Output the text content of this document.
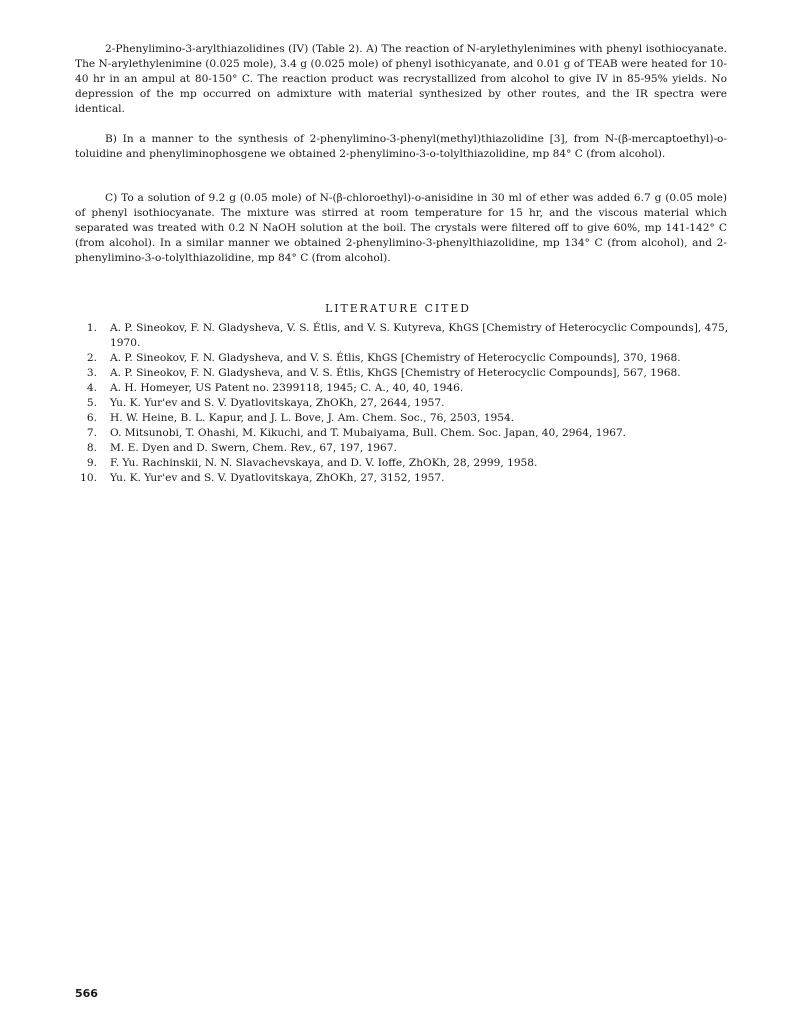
2-Phenylimino-3-arylthiazolidines (IV) (Table 2). A) The reaction of N-arylethylenimines with phenyl isothiocyanate. The N-arylethylenimine (0.025 mole), 3.4 g (0.025 mole) of phenyl isothicyanate, and 0.01 g of TEAB were heated for 10-40 hr in an ampul at 80-150° C. The reaction product was recrystallized from alcohol to give IV in 85-95% yields. No depression of the mp occurred on admixture with material synthesized by other routes, and the IR spectra were identical.

B) In a manner to the synthesis of 2-phenylimino-3-phenyl(methyl)thiazolidine [3], from N-(β-mercaptoethyl)-o-toluidine and phenyliminophosgene we obtained 2-phenylimino-3-o-tolylthiazolidine, mp 84° C (from alcohol).

C) To a solution of 9.2 g (0.05 mole) of N-(β-chloroethyl)-o-anisidine in 30 ml of ether was added 6.7 g (0.05 mole) of phenyl isothiocyanate. The mixture was stirred at room temperature for 15 hr, and the viscous material which separated was treated with 0.2 N NaOH solution at the boil. The crystals were filtered off to give 60%, mp 141-142° C (from alcohol). In a similar manner we obtained 2-phenylimino-3-phenylthiazolidine, mp 134° C (from alcohol), and 2-phenylimino-3-o-tolylthiazolidine, mp 84° C (from alcohol).

LITERATURE CITED
1. A. P. Sineokov, F. N. Gladysheva, V. S. Étlis, and V. S. Kutyreva, KhGS [Chemistry of Heterocyclic Compounds], 475, 1970.
2. A. P. Sineokov, F. N. Gladysheva, and V. S. Étlis, KhGS [Chemistry of Heterocyclic Compounds], 370, 1968.
3. A. P. Sineokov, F. N. Gladysheva, and V. S. Étlis, KhGS [Chemistry of Heterocyclic Compounds], 567, 1968.
4. A. H. Homeyer, US Patent no. 2399118, 1945; C. A., 40, 40, 1946.
5. Yu. K. Yur'ev and S. V. Dyatlovitskaya, ZhOKh, 27, 2644, 1957.
6. H. W. Heine, B. L. Kapur, and J. L. Bove, J. Am. Chem. Soc., 76, 2503, 1954.
7. O. Mitsunobi, T. Ohashi, M. Kikuchi, and T. Mubaiyama, Bull. Chem. Soc. Japan, 40, 2964, 1967.
8. M. E. Dyen and D. Swern, Chem. Rev., 67, 197, 1967.
9. F. Yu. Rachinskii, N. N. Slavachevskaya, and D. V. Ioffe, ZhOKh, 28, 2999, 1958.
10. Yu. K. Yur'ev and S. V. Dyatlovitskaya, ZhOKh, 27, 3152, 1957.
566
